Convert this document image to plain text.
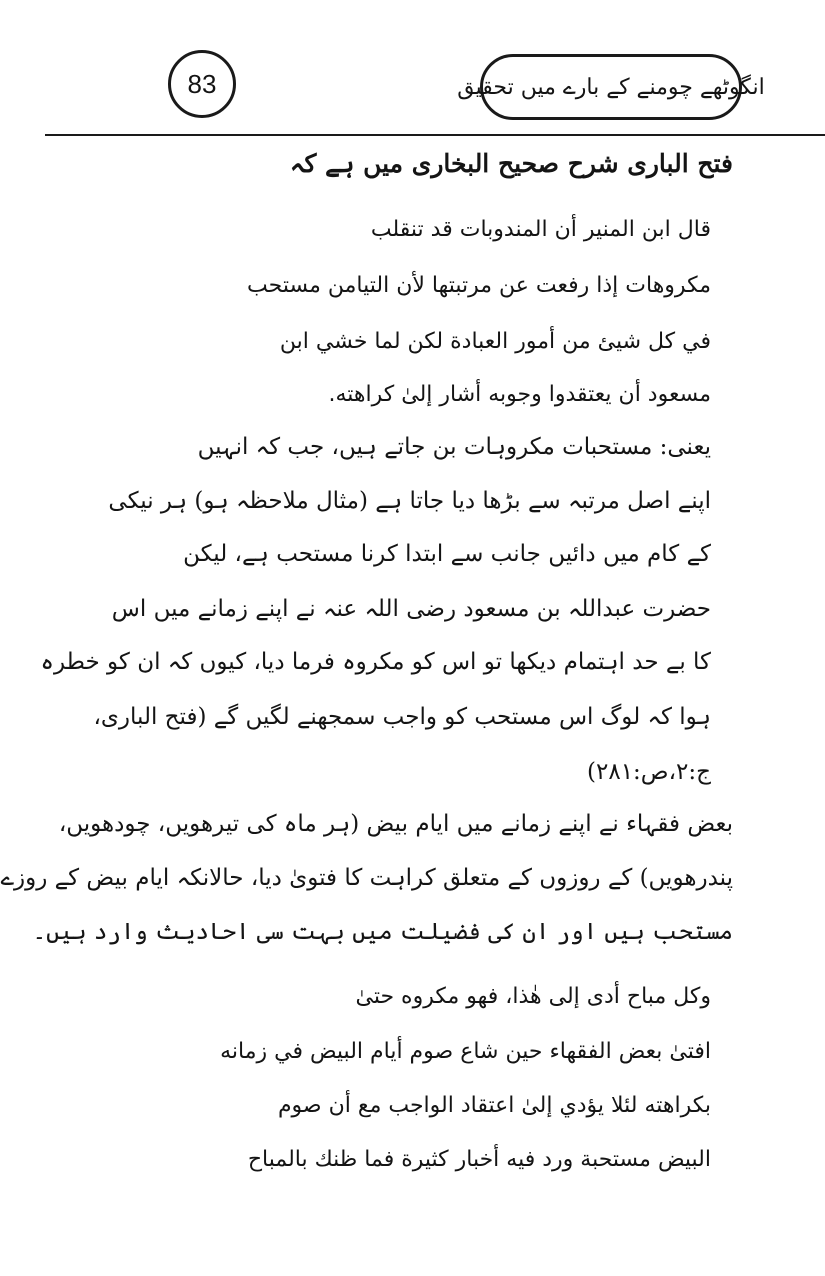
83	انگوٹھے چومنے کے بارے میں تحقیق
فتح الباری شرح صحیح البخاری میں ہے کہ
قال ابن المنير أن المندوبات قد تنقلب
مكروهات إذا رفعت عن مرتبتها لأن التيامن مستحب
في كل شيئ من أمور العبادة لكن لما خشي ابن
مسعود أن يعتقدوا وجوبه أشار إلىٰ كراهته.
یعنی: مستحبات مکروہات بن جاتے ہیں، جب کہ انہیں
اپنے اصل مرتبہ سے بڑھا دیا جاتا ہے (مثال ملاحظہ ہو) ہر نیکی
کے کام میں دائیں جانب سے ابتدا کرنا مستحب ہے، لیکن
حضرت عبداللہ بن مسعود رضی اللہ عنہ نے اپنے زمانے میں اس
کا بے حد اہتمام دیکھا تو اس کو مکروہ فرما دیا، کیوں کہ ان کو خطرہ
ہوا کہ لوگ اس مستحب کو واجب سمجھنے لگیں گے (فتح الباری،
ج:۲،ص:۲۸۱)
بعض فقہاء نے اپنے زمانے میں ایام بیض (ہر ماہ کی تیرھویں، چودھویں،
پندرھویں) کے روزوں کے متعلق کراہت کا فتویٰ دیا، حالانکہ ایام بیض کے روزے
مستحب ہیں اور ان کی فضیلت میں بہت سی احادیث وارد ہیں۔
وكل مباح أدى إلى هٰذا، فهو مكروه حتىٰ
افتىٰ بعض الفقهاء حين شاع صوم أيام البيض في زمانه
بكراهته لئلا يؤدي إلىٰ اعتقاد الواجب مع أن صوم
البيض مستحبة ورد فيه أخبار كثيرة فما ظنك بالمباح
